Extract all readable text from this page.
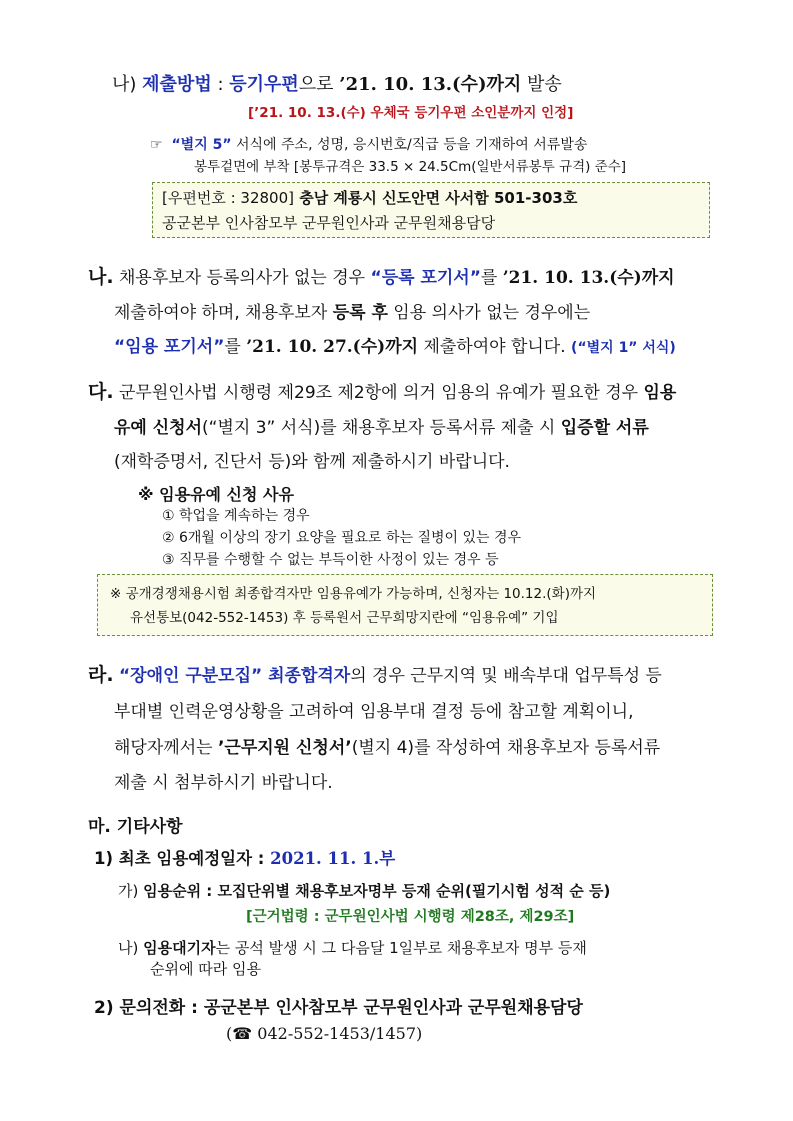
나) 제출방법 : 등기우편으로 ’21. 10. 13.(수)까지 발송
[’21. 10. 13.(수) 우체국 등기우편 소인분까지 인정]
☞ “별지 5” 서식에 주소, 성명, 응시번호/직급 등을 기재하여 서류발송
봉투겉면에 부착 [봉투규격은 33.5 × 24.5Cm(일반서류봉투 규격) 준수]
[우편번호 : 32800] 충남 계룡시 신도안면 사서함 501-303호
공군본부 인사참모부 군무원인사과 군무원채용담당
나. 채용후보자 등록의사가 없는 경우 “등록 포기서”를 ’21. 10. 13.(수)까지
제출하여야 하며, 채용후보자 등록 후 임용 의사가 없는 경우에는
“임용 포기서”를 ’21. 10. 27.(수)까지 제출하여야 합니다. (“별지 1” 서식)
다. 군무원인사법 시행령 제29조 제2항에 의거 임용의 유예가 필요한 경우 임용
유예 신청서(“별지 3” 서식)를 채용후보자 등록서류 제출 시 입증할 서류
(재학증명서, 진단서 등)와 함께 제출하시기 바랍니다.
※ 임용유예 신청 사유
① 학업을 계속하는 경우
② 6개월 이상의 장기 요양을 필요로 하는 질병이 있는 경우
③ 직무를 수행할 수 없는 부득이한 사정이 있는 경우 등
※ 공개경쟁채용시험 최종합격자만 임용유예가 가능하며, 신청자는 10.12.(화)까지
유선통보(042-552-1453) 후 등록원서 근무희망지란에 “임용유예” 기입
라. “장애인 구분모집” 최종합격자의 경우 근무지역 및 배속부대 업무특성 등
부대별 인력운영상황을 고려하여 임용부대 결정 등에 참고할 계획이니,
해당자께서는 ’근무지원 신청서’(별지 4)를 작성하여 채용후보자 등록서류
제출 시 첨부하시기 바랍니다.
마. 기타사항
1) 최초 임용예정일자 : 2021. 11. 1.부
가) 임용순위 : 모집단위별 채용후보자명부 등재 순위(필기시험 성적 순 등)
[근거법령 : 군무원인사법 시행령 제28조, 제29조]
나) 임용대기자는 공석 발생 시 그 다음달 1일부로 채용후보자 명부 등재
순위에 따라 임용
2) 문의전화 : 공군본부 인사참모부 군무원인사과 군무원채용담당
(☎ 042-552-1453/1457)
